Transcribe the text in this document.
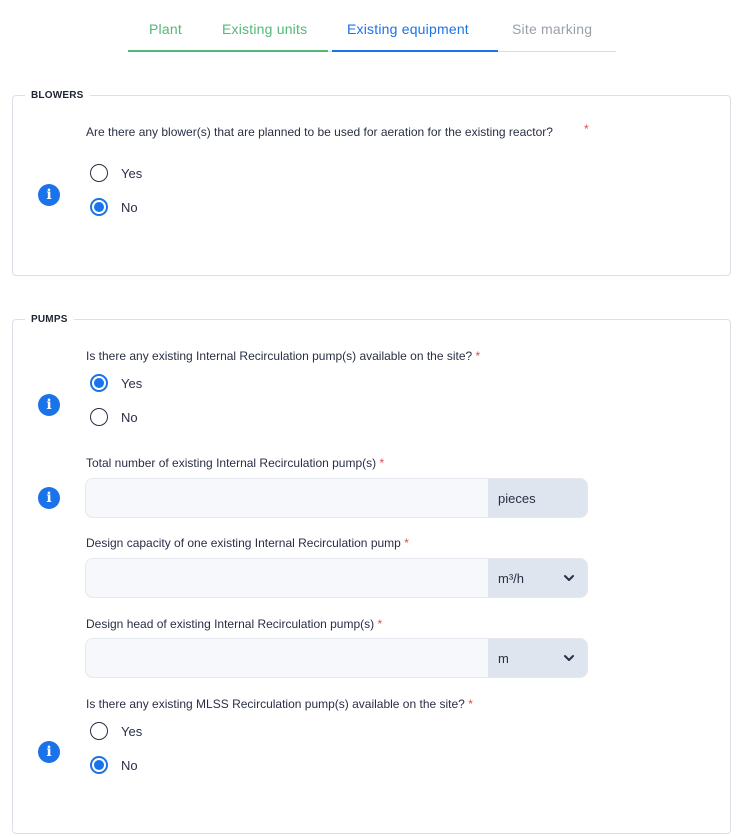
Plant	Existing units	Existing equipment	Site marking
BLOWERS
Are there any blower(s) that are planned to be used for aeration for the existing reactor?	*
i
Yes
No
PUMPS
Is there any existing Internal Recirculation pump(s) available on the site? *
i
Yes
No
Total number of existing Internal Recirculation pump(s) *
i	pieces
Design capacity of one existing Internal Recirculation pump *
m³/h
Design head of existing Internal Recirculation pump(s) *
m
Is there any existing MLSS Recirculation pump(s) available on the site? *
i
Yes
No
